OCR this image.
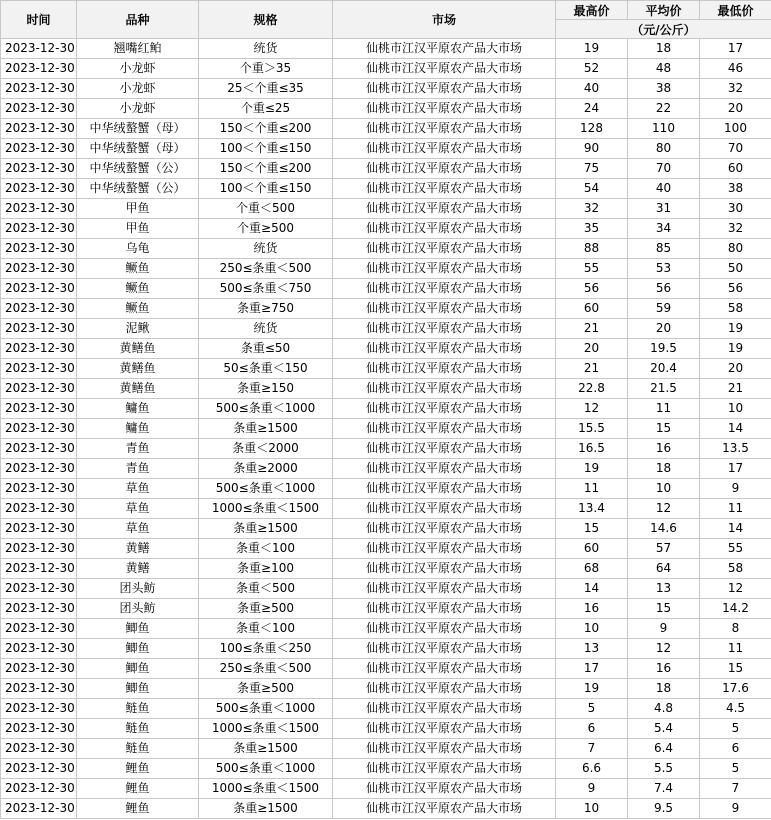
时间	品种	规格	市场	最高价	平均价	最低价
				（元/公斤）		
2023-12-30	翘嘴红鲌	统货	仙桃市江汉平原农产品大市场	19	18	17
2023-12-30	小龙虾	个重＞35	仙桃市江汉平原农产品大市场	52	48	46
2023-12-30	小龙虾	25＜个重≤35	仙桃市江汉平原农产品大市场	40	38	32
2023-12-30	小龙虾	个重≤25	仙桃市江汉平原农产品大市场	24	22	20
2023-12-30	中华绒螯蟹（母）	150＜个重≤200	仙桃市江汉平原农产品大市场	128	110	100
2023-12-30	中华绒螯蟹（母）	100＜个重≤150	仙桃市江汉平原农产品大市场	90	80	70
2023-12-30	中华绒螯蟹（公）	150＜个重≤200	仙桃市江汉平原农产品大市场	75	70	60
2023-12-30	中华绒螯蟹（公）	100＜个重≤150	仙桃市江汉平原农产品大市场	54	40	38
2023-12-30	甲鱼	个重＜500	仙桃市江汉平原农产品大市场	32	31	30
2023-12-30	甲鱼	个重≥500	仙桃市江汉平原农产品大市场	35	34	32
2023-12-30	乌龟	统货	仙桃市江汉平原农产品大市场	88	85	80
2023-12-30	鳜鱼	250≤条重＜500	仙桃市江汉平原农产品大市场	55	53	50
2023-12-30	鳜鱼	500≤条重＜750	仙桃市江汉平原农产品大市场	56	56	56
2023-12-30	鳜鱼	条重≥750	仙桃市江汉平原农产品大市场	60	59	58
2023-12-30	泥鳅	统货	仙桃市江汉平原农产品大市场	21	20	19
2023-12-30	黄鳝鱼	条重≤50	仙桃市江汉平原农产品大市场	20	19.5	19
2023-12-30	黄鳝鱼	50≤条重＜150	仙桃市江汉平原农产品大市场	21	20.4	20
2023-12-30	黄鳝鱼	条重≥150	仙桃市江汉平原农产品大市场	22.8	21.5	21
2023-12-30	鳙鱼	500≤条重＜1000	仙桃市江汉平原农产品大市场	12	11	10
2023-12-30	鳙鱼	条重≥1500	仙桃市江汉平原农产品大市场	15.5	15	14
2023-12-30	青鱼	条重＜2000	仙桃市江汉平原农产品大市场	16.5	16	13.5
2023-12-30	青鱼	条重≥2000	仙桃市江汉平原农产品大市场	19	18	17
2023-12-30	草鱼	500≤条重＜1000	仙桃市江汉平原农产品大市场	11	10	9
2023-12-30	草鱼	1000≤条重＜1500	仙桃市江汉平原农产品大市场	13.4	12	11
2023-12-30	草鱼	条重≥1500	仙桃市江汉平原农产品大市场	15	14.6	14
2023-12-30	黄鳝	条重＜100	仙桃市江汉平原农产品大市场	60	57	55
2023-12-30	黄鳝	条重≥100	仙桃市江汉平原农产品大市场	68	64	58
2023-12-30	团头鲂	条重＜500	仙桃市江汉平原农产品大市场	14	13	12
2023-12-30	团头鲂	条重≥500	仙桃市江汉平原农产品大市场	16	15	14.2
2023-12-30	鲫鱼	条重＜100	仙桃市江汉平原农产品大市场	10	9	8
2023-12-30	鲫鱼	100≤条重＜250	仙桃市江汉平原农产品大市场	13	12	11
2023-12-30	鲫鱼	250≤条重＜500	仙桃市江汉平原农产品大市场	17	16	15
2023-12-30	鲫鱼	条重≥500	仙桃市江汉平原农产品大市场	19	18	17.6
2023-12-30	鲢鱼	500≤条重＜1000	仙桃市江汉平原农产品大市场	5	4.8	4.5
2023-12-30	鲢鱼	1000≤条重＜1500	仙桃市江汉平原农产品大市场	6	5.4	5
2023-12-30	鲢鱼	条重≥1500	仙桃市江汉平原农产品大市场	7	6.4	6
2023-12-30	鲤鱼	500≤条重＜1000	仙桃市江汉平原农产品大市场	6.6	5.5	5
2023-12-30	鲤鱼	1000≤条重＜1500	仙桃市江汉平原农产品大市场	9	7.4	7
2023-12-30	鲤鱼	条重≥1500	仙桃市江汉平原农产品大市场	10	9.5	9
